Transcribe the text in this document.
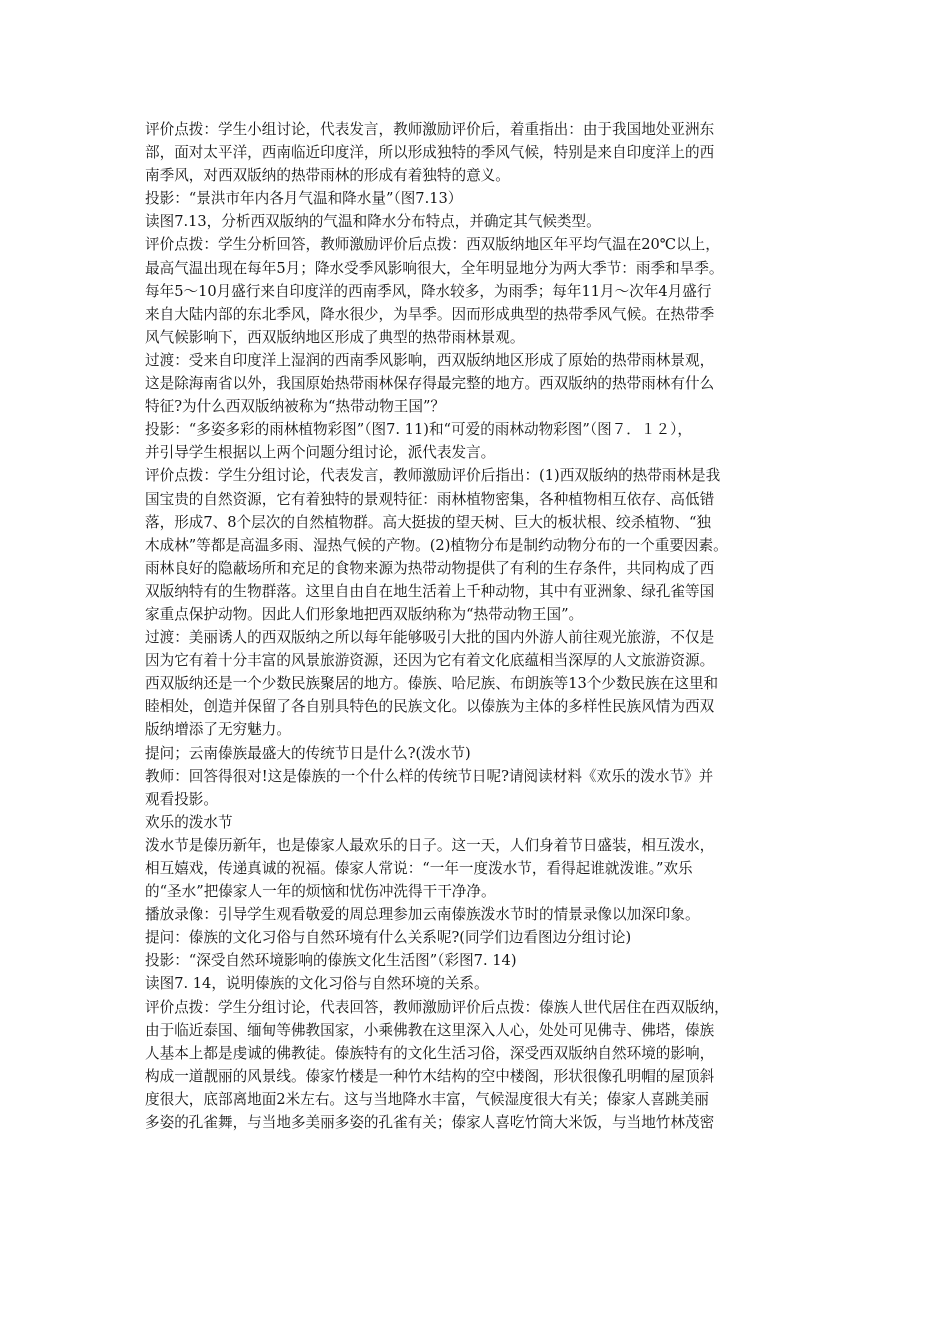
评价点拨：学生小组讨论，代表发言，教师激励评价后，着重指出：由于我国地处亚洲东
部，面对太平洋，西南临近印度洋，所以形成独特的季风气候，特别是来自印度洋上的西
南季风，对西双版纳的热带雨林的形成有着独特的意义。
投影：“景洪市年内各月气温和降水量”（图7.13）
读图7.13，分析西双版纳的气温和降水分布特点，并确定其气候类型。
评价点拨：学生分析回答，教师激励评价后点拨：西双版纳地区年平均气温在20℃以上，
最高气温出现在每年5月；降水受季风影响很大，全年明显地分为两大季节：雨季和旱季。
每年5～10月盛行来自印度洋的西南季风，降水较多，为雨季；每年11月～次年4月盛行
来自大陆内部的东北季风，降水很少，为旱季。因而形成典型的热带季风气候。在热带季
风气候影响下，西双版纳地区形成了典型的热带雨林景观。
过渡：受来自印度洋上湿润的西南季风影响，西双版纳地区形成了原始的热带雨林景观，
这是除海南省以外，我国原始热带雨林保存得最完整的地方。西双版纳的热带雨林有什么
特征?为什么西双版纳被称为“热带动物王国”？
投影：“多姿多彩的雨林植物彩图”（图7. 11)和“可爱的雨林动物彩图”（图７．１２），
并引导学生根据以上两个问题分组讨论，派代表发言。
评价点拨：学生分组讨论，代表发言，教师激励评价后指出：(1)西双版纳的热带雨林是我
国宝贵的自然资源，它有着独特的景观特征：雨林植物密集，各种植物相互依存、高低错
落，形成7、8个层次的自然植物群。高大挺拔的望天树、巨大的板状根、绞杀植物、“独
木成林”等都是高温多雨、湿热气候的产物。(2)植物分布是制约动物分布的一个重要因素。
雨林良好的隐蔽场所和充足的食物来源为热带动物提供了有利的生存条件，共同构成了西
双版纳特有的生物群落。这里自由自在地生活着上千种动物，其中有亚洲象、绿孔雀等国
家重点保护动物。因此人们形象地把西双版纳称为“热带动物王国”。
过渡：美丽诱人的西双版纳之所以每年能够吸引大批的国内外游人前往观光旅游，不仅是
因为它有着十分丰富的风景旅游资源，还因为它有着文化底蕴相当深厚的人文旅游资源。
西双版纳还是一个少数民族聚居的地方。傣族、哈尼族、布朗族等13个少数民族在这里和
睦相处，创造并保留了各自别具特色的民族文化。以傣族为主体的多样性民族风情为西双
版纳增添了无穷魅力。
提问；云南傣族最盛大的传统节日是什么?(泼水节)
教师：回答得很对!这是傣族的一个什么样的传统节日呢?请阅读材料《欢乐的泼水节》并
观看投影。
欢乐的泼水节
泼水节是傣历新年，也是傣家人最欢乐的日子。这一天，人们身着节日盛装，相互泼水，
相互嬉戏，传递真诚的祝福。傣家人常说：“一年一度泼水节，看得起谁就泼谁。”欢乐
的“圣水”把傣家人一年的烦恼和忧伤冲洗得干干净净。
播放录像：引导学生观看敬爱的周总理参加云南傣族泼水节时的情景录像以加深印象。
提问：傣族的文化习俗与自然环境有什么关系呢?(同学们边看图边分组讨论)
投影：“深受自然环境影响的傣族文化生活图”（彩图7. 14)
读图7. 14，说明傣族的文化习俗与自然环境的关系。
评价点拨：学生分组讨论，代表回答，教师激励评价后点拨：傣族人世代居住在西双版纳，
由于临近泰国、缅甸等佛教国家，小乘佛教在这里深入人心，处处可见佛寺、佛塔，傣族
人基本上都是虔诚的佛教徒。傣族特有的文化生活习俗，深受西双版纳自然环境的影响，
构成一道靓丽的风景线。傣家竹楼是一种竹木结构的空中楼阁，形状很像孔明帽的屋顶斜
度很大，底部离地面2米左右。这与当地降水丰富，气候湿度很大有关；傣家人喜跳美丽
多姿的孔雀舞，与当地多美丽多姿的孔雀有关；傣家人喜吃竹筒大米饭，与当地竹林茂密
